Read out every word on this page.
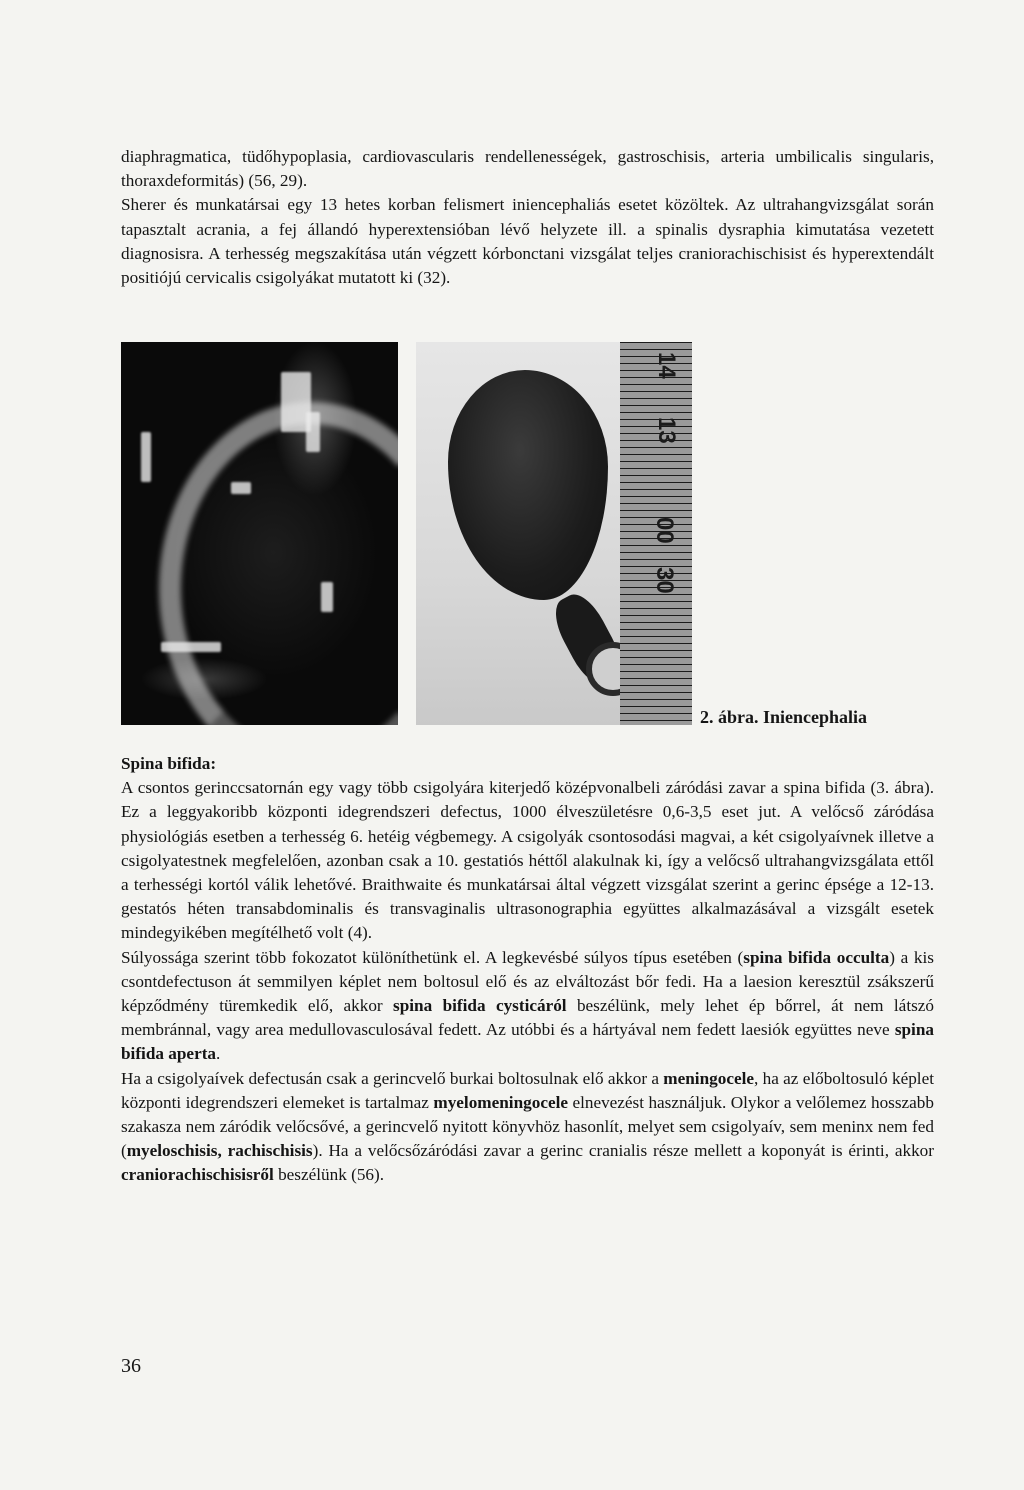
diaphragmatica, tüdőhypoplasia, cardiovascularis rendellenességek, gastroschisis, arteria umbilicalis singularis, thoraxdeformitás) (56, 29).

Sherer és munkatársai egy 13 hetes korban felismert iniencephaliás esetet közöltek. Az ultrahangvizsgálat során tapasztalt acrania, a fej állandó hyperextensióban lévő helyzete ill. a spinalis dysraphia kimutatása vezetett diagnosisra. A terhesség megszakítása után végzett kórbonctani vizsgálat teljes craniorachischisist és hyperextendált positiójú cervicalis csigolyákat mutatott ki (32).

14
13
00
30
2. ábra. Iniencephalia

Spina bifida:

A csontos gerinccsatornán egy vagy több csigolyára kiterjedő középvonalbeli záródási zavar a spina bifida (3. ábra). Ez a leggyakoribb központi idegrendszeri defectus, 1000 élveszületésre 0,6-3,5 eset jut. A velőcső záródása physiológiás esetben a terhesség 6. hetéig végbemegy. A csigolyák csontosodási magvai, a két csigolyaívnek illetve a csigolyatestnek megfelelően, azonban csak a 10. gestatiós héttől alakulnak ki, így a velőcső ultrahangvizsgálata ettől a terhességi kortól válik lehetővé. Braithwaite és munkatársai által végzett vizsgálat szerint a gerinc épsége a 12-13. gestatós héten transabdominalis és transvaginalis ultrasonographia együttes alkalmazásával a vizsgált esetek mindegyikében megítélhető volt (4).

Súlyossága szerint több fokozatot különíthetünk el. A legkevésbé súlyos típus esetében (spina bifida occulta) a kis csontdefectuson át semmilyen képlet nem boltosul elő és az elváltozást bőr fedi. Ha a laesion keresztül zsákszerű képződmény türemkedik elő, akkor spina bifida cysticáról beszélünk, mely lehet ép bőrrel, át nem látszó membránnal, vagy area medullovasculosával fedett. Az utóbbi és a hártyával nem fedett laesiók együttes neve spina bifida aperta.

Ha a csigolyaívek defectusán csak a gerincvelő burkai boltosulnak elő akkor a meningocele, ha az előboltosuló képlet központi idegrendszeri elemeket is tartalmaz myelomeningocele elnevezést használjuk. Olykor a velőlemez hosszabb szakasza nem záródik velőcsővé, a gerincvelő nyitott könyvhöz hasonlít, melyet sem csigolyaív, sem meninx nem fed (myeloschisis, rachischisis). Ha a velőcsőzáródási zavar a gerinc cranialis része mellett a koponyát is érinti, akkor craniorachischisisről beszélünk (56).

36
